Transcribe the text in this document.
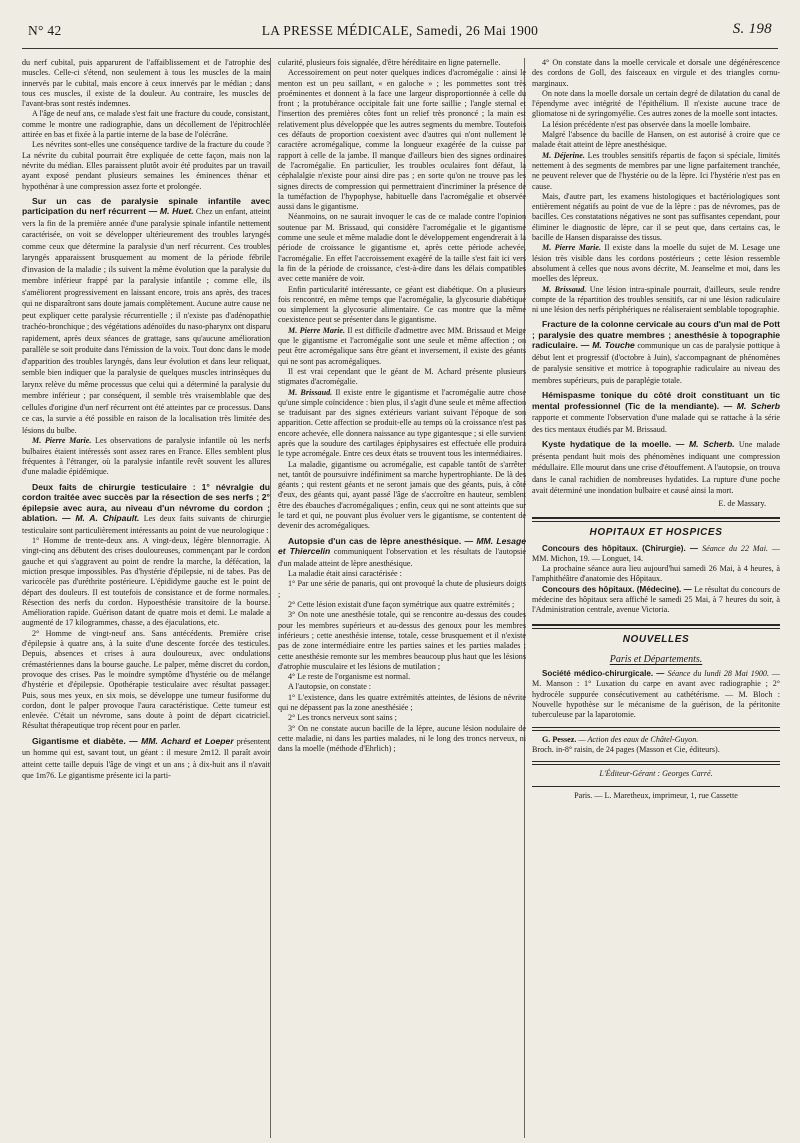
N° 42	LA PRESSE MÉDICALE, Samedi, 26 Mai 1900	S. 198

du nerf cubital, puis apparurent de l'affaiblissement et de l'atrophie des muscles. Celle-ci s'étend, non seulement à tous les muscles de la main innervés par le cubital, mais encore à ceux innervés par le médian ; dans tous ces muscles, il existe de la douleur. Au contraire, les muscles de l'avant-bras sont restés indemnes.

A l'âge de neuf ans, ce malade s'est fait une fracture du coude, consistant, comme le montre une radiographie, dans un décollement de l'épitrochlée attirée en bas et fixée à la partie interne de la base de l'olécrâne.

Les névrites sont-elles une conséquence tardive de la fracture du coude ? La névrite du cubital pourrait être expliquée de cette façon, mais non la névrite du médian. Elles paraissent plutôt avoir été produites par un travail ayant exposé pendant plusieurs semaines les éminences thénar et hypothénar à une compression assez forte et prolongée.

Sur un cas de paralysie spinale infantile avec participation du nerf récurrent — M. Huet. Chez un enfant, atteint vers la fin de la première année d'une paralysie spinale infantile nettement caractérisée, on voit se développer ultérieurement des troubles laryngés comme ceux que détermine la paralysie d'un nerf récurrent. Ces troubles laryngés apparaissent brusquement au moment de la période fébrile d'invasion de la maladie ; ils suivent la même évolution que la paralysie du membre inférieur frappé par la paralysie infantile ; comme elle, ils s'améliorent progressivement en laissant encore, trois ans après, des traces qui ne disparaîtront sans doute jamais complètement. Aucune autre cause ne peut expliquer cette paralysie récurrentielle ; il n'existe pas d'adénopathie trachéo-bronchique ; des végétations adénoïdes du naso-pharynx ont disparu rapidement, après deux séances de grattage, sans qu'aucune amélioration parallèle se soit produite dans l'émission de la voix. Tout donc dans le mode d'apparition des troubles laryngés, dans leur évolution et dans leur reliquat, semble bien indiquer que la paralysie de quelques muscles intrinsèques du larynx relève du même processus que celui qui a déterminé la paralysie du membre inférieur ; par conséquent, il semble très vraisemblable que des cellules d'origine d'un nerf récurrent ont été atteintes par ce processus. Dans ce cas, la survie a été possible en raison de la localisation très limitée des lésions du bulbe.

M. Pierre Marie. Les observations de paralysie infantile où les nerfs bulbaires étaient intéressés sont assez rares en France. Elles semblent plus fréquentes à l'étranger, où la paralysie infantile revêt souvent les allures d'une maladie épidémique.

Deux faits de chirurgie testiculaire : 1° névralgie du cordon traitée avec succès par la résection de ses nerfs ; 2° épilepsie avec aura, au niveau d'un névrome du cordon ; ablation. — M. A. Chipault. Les deux faits suivants de chirurgie testiculaire sont particulièrement intéressants au point de vue neurologique :

1° Homme de trente-deux ans. A vingt-deux, légère blennorragie. A vingt-cinq ans débutent des crises douloureuses, commençant par le cordon gauche et qui s'aggravent au point de rendre la marche, la défécation, la miction presque impossibles. Pas d'hystérie d'épilepsie, ni de tabes. Pas de varicocèle pas d'uréthrite postérieure. L'épididyme gauche est le point de départ des douleurs. Il est toutefois de consistance et de forme normales. Résection des nerfs du cordon. Hypoesthésie transitoire de la bourse. Amélioration rapide. Guérison datant de quatre mois et demi. Le malade a augmenté de 17 kilogrammes, chasse, a des éjaculations, etc.

2° Homme de vingt-neuf ans. Sans antécédents. Première crise d'épilepsie à quatre ans, à la suite d'une descente forcée des testicules. Depuis, absences et crises à aura douloureux, avec ondulations crémastériennes dans la bourse gauche. Le palper, même discret du cordon, provoque des crises. Pas le moindre symptôme d'hystérie ou de mélange d'hystérie et d'épilepsie. Opothérapie testiculaire avec résultat passager. Puis, sous mes yeux, en six mois, se développe une tumeur fusiforme du cordon, dont le palper provoque l'aura caractéristique. Cette tumeur est enlevée. C'était un névrome, sans doute à point de départ cicatriciel. Résultat thérapeutique trop récent pour en parler.

Gigantisme et diabète. — MM. Achard et Loeper présentent un homme qui est, savant tout, un géant : il mesure 2m12. Il paraît avoir atteint cette taille depuis l'âge de vingt et un ans ; à dix-huit ans il n'avait que 1m76. Le gigantisme présente ici la parti-

cularité, plusieurs fois signalée, d'être héréditaire en ligne paternelle.

Accessoirement on peut noter quelques indices d'acromégalie : ainsi le menton est un peu saillant, « en galoche » ; les pommettes sont très proéminentes et donnent à la face une largeur disproportionnée à celle du front ; la protubérance occipitale fait une forte saillie ; l'angle sternal et l'insertion des premières côtes font un relief très prononcé ; la main est relativement plus développée que les autres segments du membre. Toutefois ces défauts de proportion coexistent avec d'autres qui n'ont nullement le caractère acromégalique, comme la longueur exagérée de la cuisse par rapport à celle de la jambe. Il manque d'ailleurs bien des signes ordinaires de l'acromégalie. En particulier, les troubles oculaires font défaut, la céphalalgie n'existe pour ainsi dire pas ; en sorte qu'on ne trouve pas les signes directs de compression qui permettraient d'incriminer la présence de la tuméfaction de l'hypophyse, habituelle dans l'acromégalie et observée aussi dans le gigantisme.

Néanmoins, on ne saurait invoquer le cas de ce malade contre l'opinion soutenue par M. Brissaud, qui considère l'acromégalie et le gigantisme comme une seule et même maladie dont le développement engendrerait à la période de croissance le gigantisme et, après cette période achevée, l'acromégalie. En effet l'accroissement exagéré de la taille s'est fait ici vers la fin de la période de croissance, c'est-à-dire dans les délais compatibles avec cette manière de voir.

Enfin particularité intéressante, ce géant est diabétique. On a plusieurs fois rencontré, en même temps que l'acromégalie, la glycosurie diabétique ou simplement la glycosurie alimentaire. Ce cas montre que la même coexistence peut se présenter dans le gigantisme.

M. Pierre Marie. Il est difficile d'admettre avec MM. Brissaud et Meige que le gigantisme et l'acromégalie sont une seule et même affection ; on peut être acromégalique sans être géant et inversement, il existe des géants qui ne sont pas acromégaliques.

Il est vrai cependant que le géant de M. Achard présente plusieurs stigmates d'acromégalie.

M. Brissaud. Il existe entre le gigantisme et l'acromégalie autre chose qu'une simple coïncidence : bien plus, il s'agit d'une seule et même affection se traduisant par des signes extérieurs variant suivant l'époque de son apparition. Cette affection se produit-elle au temps où la croissance n'est pas encore achevée, elle donnera naissance au type gigantesque ; si elle survient après que la soudure des cartilages épiphysaires est effectuée elle produira le type acromégale. Entre ces deux états se trouvent tous les intermédiaires.

La maladie, gigantisme ou acromégalie, est capable tantôt de s'arrêter net, tantôt de poursuivre indéfiniment sa marche hypertrophiante. De là des géants ; qui restent géants et ne seront jamais que des géants, puis, à côté d'eux, des géants qui, ayant passé l'âge de s'accroître en hauteur, semblent être des ébauches d'acromégaliques ; enfin, ceux qui ne sont atteints que sur le tard et qui, ne pouvant plus évoluer vers le gigantisme, se contentent de devenir des acromégaliques.

Autopsie d'un cas de lèpre anesthésique. — MM. Lesage et Thiercelin communiquent l'observation et les résultats de l'autopsie d'un malade atteint de lèpre anesthésique.

La maladie était ainsi caractérisée :

1° Par une série de panaris, qui ont provoqué la chute de plusieurs doigts ;

2° Cette lésion existait d'une façon symétrique aux quatre extrémités ;

3° On note une anesthésie totale, qui se rencontre au-dessus des coudes pour les membres supérieurs et au-dessus des genoux pour les membres inférieurs ; cette anesthésie intense, totale, cesse brusquement et il n'existe pas de zone intermédiaire entre les parties saines et les parties malades ; cette anesthésie remonte sur les membres beaucoup plus haut que les lésions d'atrophie musculaire et les lésions de mutilation ;

4° Le reste de l'organisme est normal.

A l'autopsie, on constate :

1° L'existence, dans les quatre extrémités atteintes, de lésions de névrite qui ne dépassent pas la zone anesthésiée ;

2° Les troncs nerveux sont sains ;

3° On ne constate aucun bacille de la lèpre, aucune lésion nodulaire de cette maladie, ni dans les parties malades, ni le long des troncs nerveux, ni dans la moelle (méthode d'Ehrlich) ;

4° On constate dans la moelle cervicale et dorsale une dégénérescence des cordons de Goll, des faisceaux en virgule et des triangles cornu-marginaux.

On note dans la moelle dorsale un certain degré de dilatation du canal de l'épendyme avec intégrité de l'épithélium. Il n'existe aucune trace de gliomatose ni de syringomyélie. Ces autres zones de la moelle sont intactes.

La lésion précédente n'est pas observée dans la moelle lombaire.

Malgré l'absence du bacille de Hansen, on est autorisé à croire que ce malade était atteint de lèpre anesthésique.

M. Déjerine. Les troubles sensitifs répartis de façon si spéciale, limités nettement à des segments de membres par une ligne parfaitement tranchée, ne peuvent relever que de l'hystérie ou de la lèpre. Ici l'hystérie n'est pas en cause.

Mais, d'autre part, les examens histologiques et bactériologiques sont entièrement négatifs au point de vue de la lèpre : pas de névromes, pas de bacilles. Ces constatations négatives ne sont pas suffisantes cependant, pour éliminer le diagnostic de lèpre, car il se peut que, dans certains cas, le bacille de Hansen disparaisse des tissus.

M. Pierre Marie. Il existe dans la moelle du sujet de M. Lesage une lésion très visible dans les cordons postérieurs ; cette lésion ressemble absolument à celles que nous avons décrite, M. Jeanselme et moi, dans les moelles des lépreux.

M. Brissaud. Une lésion intra-spinale pourrait, d'ailleurs, seule rendre compte de la répartition des troubles sensitifs, car ni une lésion radiculaire ni une lésion des nerfs périphériques ne réaliseraient semblable topographie.

Fracture de la colonne cervicale au cours d'un mal de Pott ; paralysie des quatre membres ; anesthésie à topographie radiculaire. — M. Touche communique un cas de paralysie pottique à début lent et progressif (d'octobre à Juin), s'accompagnant de phénomènes de paralysie sensitive et motrice à topographie radiculaire au niveau des membres supérieurs, puis de paraplégie totale.

Hémispasme tonique du côté droit constituant un tic mental professionnel (Tic de la mendiante). — M. Scherb rapporte et commente l'observation d'une malade qui se rattache à la série des tics mentaux étudiés par M. Brissaud.

Kyste hydatique de la moelle. — M. Scherb. Une malade présenta pendant huit mois des phénomènes indiquant une compression médullaire. Elle mourut dans une crise d'étouffement. A l'autopsie, on trouva dans le canal rachidien de nombreuses hydatides. La rupture d'une poche avait déterminé une inondation bulbaire et causé ainsi la mort.

E. de Massary.

HOPITAUX ET HOSPICES

Concours des hôpitaux. (Chirurgie). — Séance du 22 Mai. — MM. Michon, 19. — Longuet, 14.

La prochaine séance aura lieu aujourd'hui samedi 26 Mai, à 4 heures, à l'amphithéâtre d'anatomie des Hôpitaux.

Concours des hôpitaux. (Médecine). — Le résultat du concours de médecine des hôpitaux sera affiché le samedi 25 Mai, à 7 heures du soir, à l'Administration centrale, avenue Victoria.

NOUVELLES
Paris et Départements.

Société médico-chirurgicale. — Séance du lundi 28 Mai 1900. — M. Manson : 1° Luxation du carpe en avant avec radiographie ; 2° hydrocèle suppurée consécutivement au cathétérisme. — M. Bloch : Nouvelle hypothèse sur le mécanisme de la guérison, de la péritonite tuberculeuse par la laparotomie.

G. Pessez. — Action des eaux de Châtel-Guyon.

Broch. in-8° raisin, de 24 pages (Masson et Cie, éditeurs).

L'Éditeur-Gérant : Georges Carré.

Paris. — L. Maretheux, imprimeur, 1, rue Cassette
